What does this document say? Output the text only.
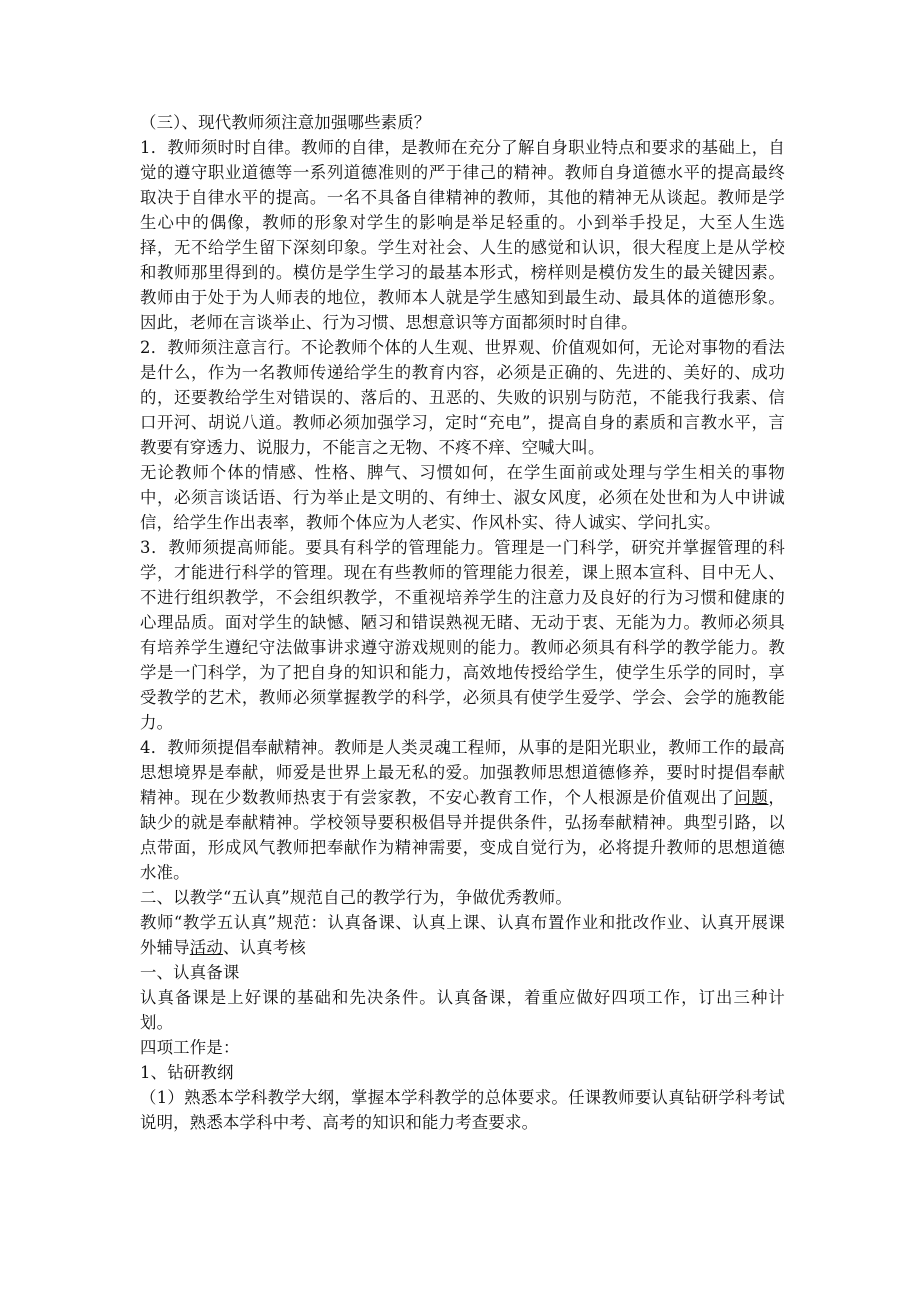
（三）、现代教师须注意加强哪些素质？

1．教师须时时自律。教师的自律，是教师在充分了解自身职业特点和要求的基础上，自觉的遵守职业道德等一系列道德准则的严于律己的精神。教师自身道德水平的提高最终取决于自律水平的提高。一名不具备自律精神的教师，其他的精神无从谈起。教师是学生心中的偶像，教师的形象对学生的影响是举足轻重的。小到举手投足，大至人生选择，无不给学生留下深刻印象。学生对社会、人生的感觉和认识，很大程度上是从学校和教师那里得到的。模仿是学生学习的最基本形式，榜样则是模仿发生的最关键因素。教师由于处于为人师表的地位，教师本人就是学生感知到最生动、最具体的道德形象。因此，老师在言谈举止、行为习惯、思想意识等方面都须时时自律。

2．教师须注意言行。不论教师个体的人生观、世界观、价值观如何，无论对事物的看法是什么，作为一名教师传递给学生的教育内容，必须是正确的、先进的、美好的、成功的，还要教给学生对错误的、落后的、丑恶的、失败的识别与防范，不能我行我素、信口开河、胡说八道。教师必须加强学习，定时“充电”，提高自身的素质和言教水平，言教要有穿透力、说服力，不能言之无物、不疼不痒、空喊大叫。

无论教师个体的情感、性格、脾气、习惯如何，在学生面前或处理与学生相关的事物中，必须言谈话语、行为举止是文明的、有绅士、淑女风度，必须在处世和为人中讲诚信，给学生作出表率，教师个体应为人老实、作风朴实、待人诚实、学问扎实。

3．教师须提高师能。要具有科学的管理能力。管理是一门科学，研究并掌握管理的科学，才能进行科学的管理。现在有些教师的管理能力很差，课上照本宣科、目中无人、不进行组织教学，不会组织教学，不重视培养学生的注意力及良好的行为习惯和健康的心理品质。面对学生的缺憾、陋习和错误熟视无睹、无动于衷、无能为力。教师必须具有培养学生遵纪守法做事讲求遵守游戏规则的能力。教师必须具有科学的教学能力。教学是一门科学，为了把自身的知识和能力，高效地传授给学生，使学生乐学的同时，享受教学的艺术，教师必须掌握教学的科学，必须具有使学生爱学、学会、会学的施教能力。

4．教师须提倡奉献精神。教师是人类灵魂工程师，从事的是阳光职业，教师工作的最高思想境界是奉献，师爱是世界上最无私的爱。加强教师思想道德修养，要时时提倡奉献精神。现在少数教师热衷于有尝家教，不安心教育工作，个人根源是价值观出了问题，缺少的就是奉献精神。学校领导要积极倡导并提供条件，弘扬奉献精神。典型引路，以点带面，形成风气教师把奉献作为精神需要，变成自觉行为，必将提升教师的思想道德水准。

二、以教学“五认真”规范自己的教学行为，争做优秀教师。

教师“教学五认真”规范：认真备课、认真上课、认真布置作业和批改作业、认真开展课外辅导活动、认真考核

一、认真备课

认真备课是上好课的基础和先决条件。认真备课，着重应做好四项工作，订出三种计划。

四项工作是：

1、钻研教纲

（1）熟悉本学科教学大纲，掌握本学科教学的总体要求。任课教师要认真钻研学科考试说明，熟悉本学科中考、高考的知识和能力考查要求。
